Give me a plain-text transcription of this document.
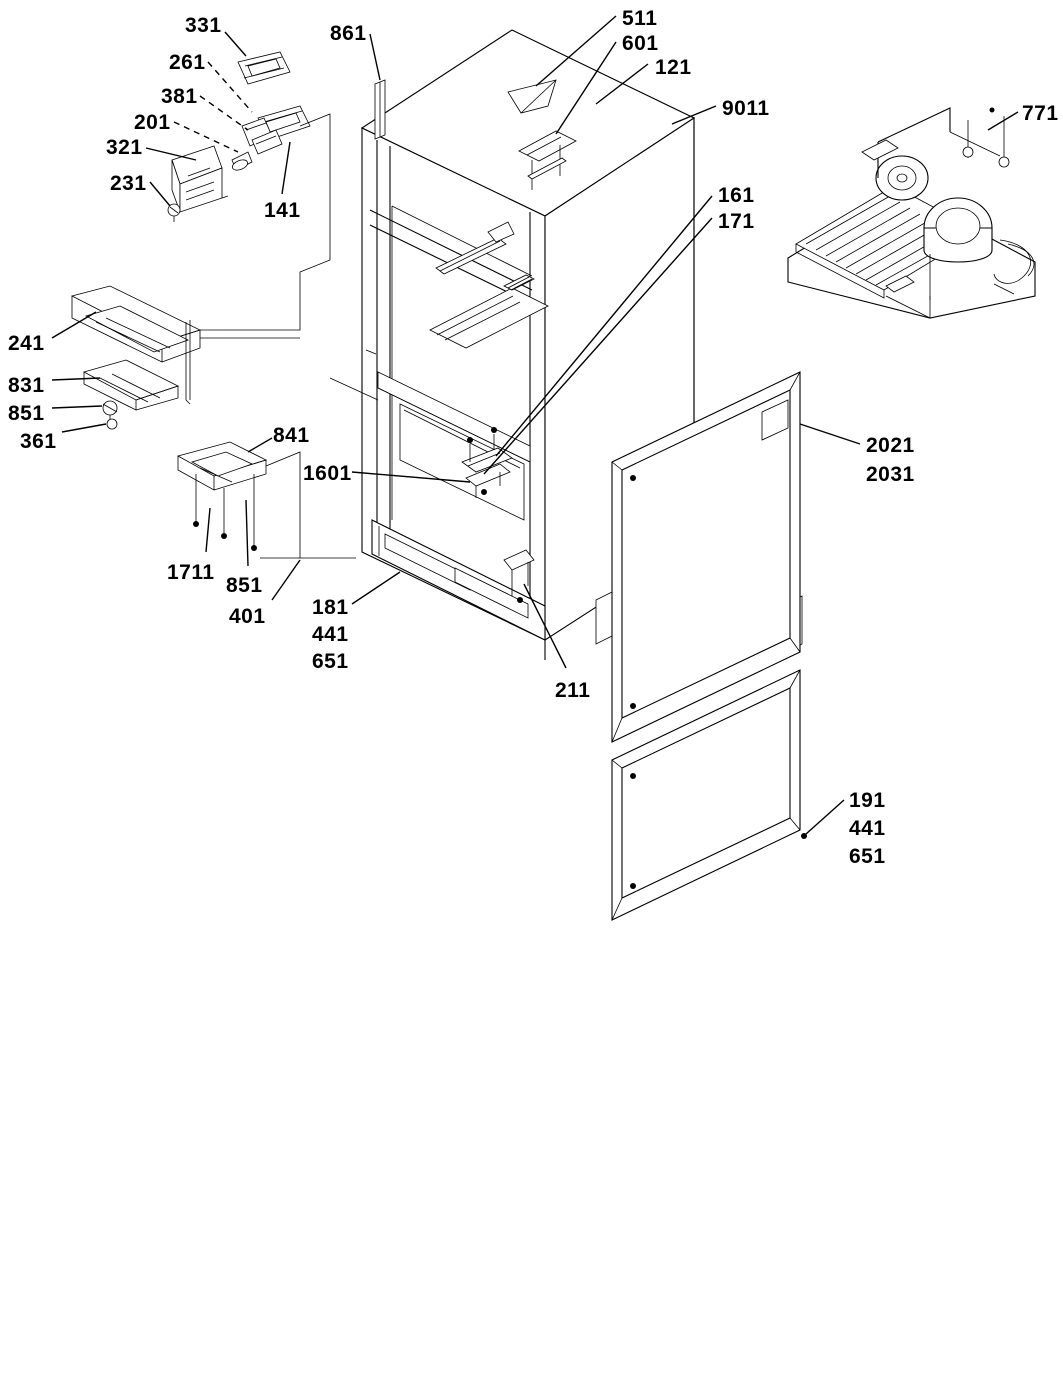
331	861
511
601
121
261
381
201
321
231
141
9011	771
161
171
241
831
851
361	841
1601
2021
2031
1711
851
401 181
441
651
211
191
441
651
